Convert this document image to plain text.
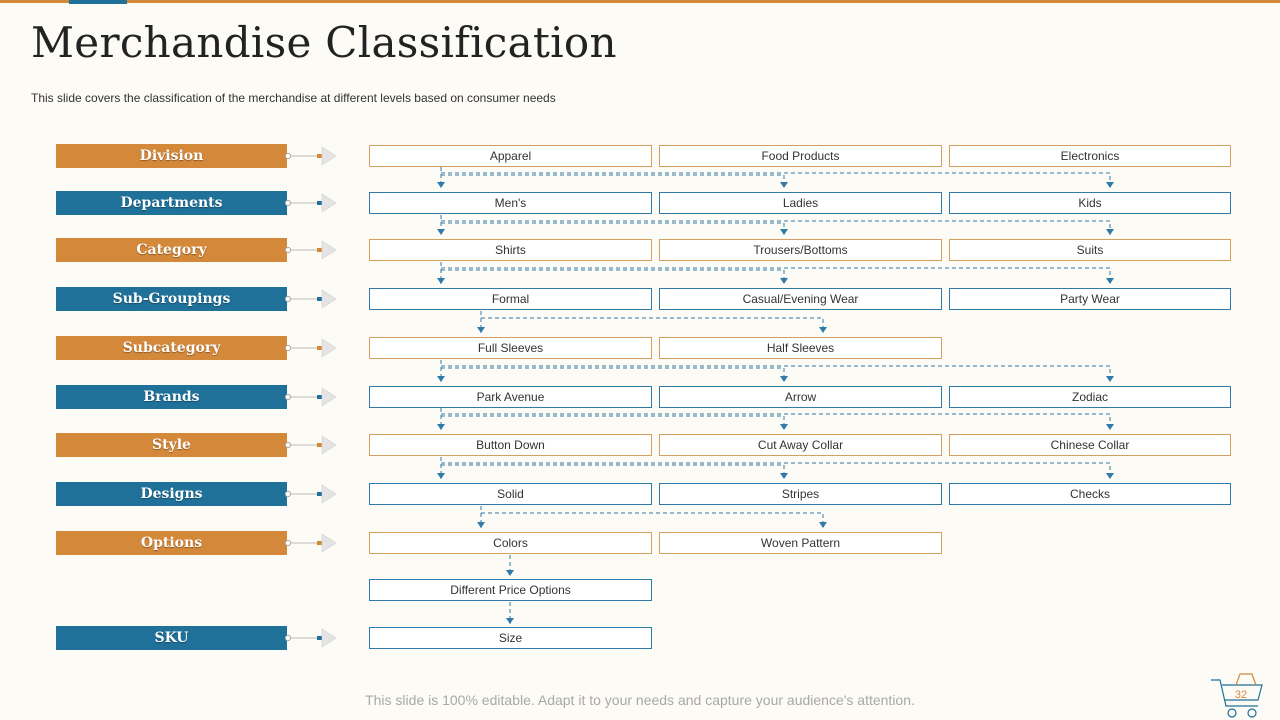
Merchandise Classification
This slide covers the classification of the merchandise at different levels based on consumer needs
Division	Apparel	Food Products	Electronics
Departments	Men's	Ladies	Kids
Category	Shirts	Trousers/Bottoms	Suits
Sub-Groupings	Formal	Casual/Evening Wear	Party Wear
Subcategory	Full Sleeves	Half Sleeves
Brands	Park Avenue	Arrow	Zodiac
Style	Button Down	Cut Away Collar	Chinese Collar
Designs	Solid	Stripes	Checks
Options	Colors	Woven Pattern
Different Price Options
SKU	Size
This slide is 100% editable. Adapt it to your needs and capture your audience's attention.	32
